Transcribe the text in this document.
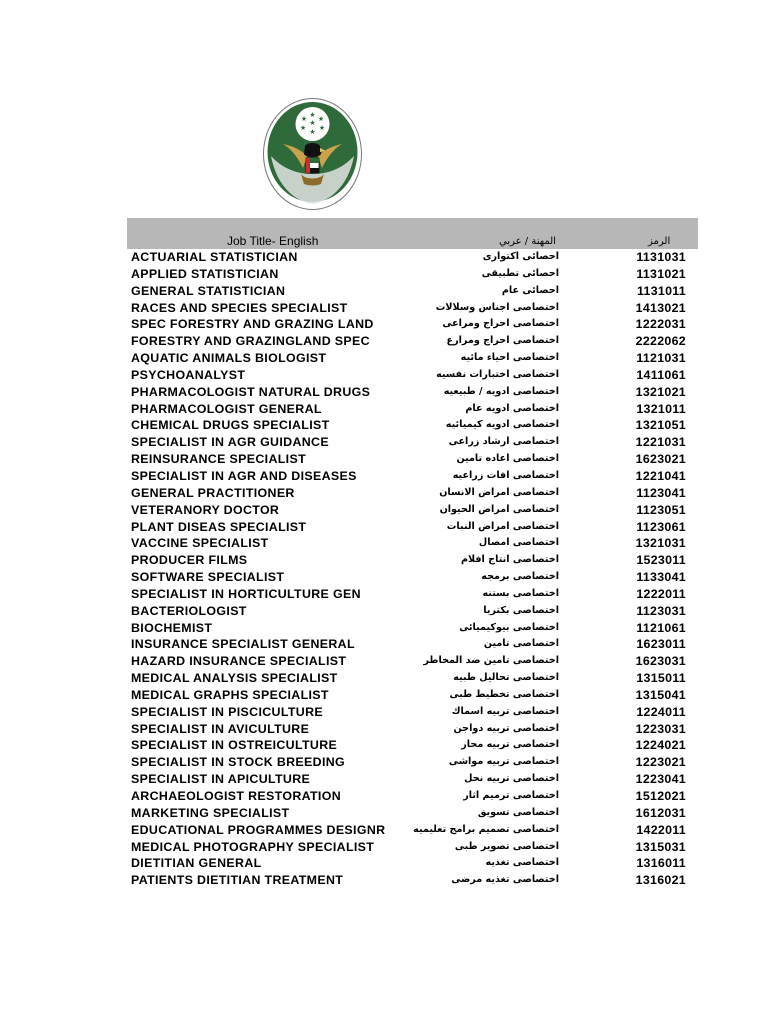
★
★ ★
★
★ ★
★
Job Title- English	المهنة / عربي	الرمز
ACTUARIAL STATISTICIAN	احصائى اكتوارى	1131031
APPLIED STATISTICIAN	احصائى تطبيقى	1131021
GENERAL STATISTICIAN	احصائى عام	1131011
RACES AND SPECIES SPECIALIST	اختصاصى اجناس وسلالات	1413021
SPEC FORESTRY AND GRAZING LAND	اختصاصى احراج ومراعى	1222031
FORESTRY AND GRAZINGLAND SPEC	اختصاصى احراج ومرارع	2222062
AQUATIC ANIMALS BIOLOGIST	اختصاصى احياء مائيه	1121031
PSYCHOANALYST	اختصاصى اختبارات نفسيه	1411061
PHARMACOLOGIST NATURAL DRUGS	اختصاصى ادويه / طبيعيه	1321021
PHARMACOLOGIST GENERAL	اختصاصى ادويه عام	1321011
CHEMICAL DRUGS SPECIALIST	اختصاصى ادويه كيميائيه	1321051
SPECIALIST IN AGR GUIDANCE	اختصاصى ارشاد زراعى	1221031
REINSURANCE SPECIALIST	اختصاصى اعاده تامين	1623021
SPECIALIST IN AGR AND DISEASES	اختصاصى افات زراعيه	1221041
GENERAL PRACTITIONER	اختصاصى امراض الانسان	1123041
VETERANORY DOCTOR	اختصاصى امراض الحيوان	1123051
PLANT DISEAS SPECIALIST	اختصاصى امراض النبات	1123061
VACCINE SPECIALIST	اختصاصى امصال	1321031
PRODUCER FILMS	اختصاصى انتاج افلام	1523011
SOFTWARE SPECIALIST	اختصاصى برمجه	1133041
SPECIALIST IN HORTICULTURE GEN	اختصاصى بستنه	1222011
BACTERIOLOGIST	اختصاصى بكتريا	1123031
BIOCHEMIST	اختصاصى بيوكيميائى	1121061
INSURANCE SPECIALIST GENERAL	اختصاصى تامين	1623011
HAZARD INSURANCE SPECIALIST	اختصاصى تامين ضد المخاطر	1623031
MEDICAL ANALYSIS SPECIALIST	اختصاصى تحاليل طبيه	1315011
MEDICAL GRAPHS SPECIALIST	اختصاصى تخطيط طبى	1315041
SPECIALIST IN PISCICULTURE	اختصاصى تربيه اسماك	1224011
SPECIALIST IN AVICULTURE	اختصاصى تربيه دواجن	1223031
SPECIALIST IN OSTREICULTURE	اختصاصى تربيه محار	1224021
SPECIALIST IN STOCK BREEDING	اختصاصى تربيه مواشى	1223021
SPECIALIST IN APICULTURE	اختصاصى تربيه نحل	1223041
ARCHAEOLOGIST RESTORATION	اختصاصى ترميم اثار	1512021
MARKETING SPECIALIST	اختصاصى تسويق	1612031
EDUCATIONAL PROGRAMMES DESIGNR	اختصاصى تصميم برامج تعليميه	1422011
MEDICAL PHOTOGRAPHY SPECIALIST	اختصاصى تصوير طبى	1315031
DIETITIAN GENERAL	اختصاصى تغذيه	1316011
PATIENTS DIETITIAN TREATMENT	اختصاصى تغذيه مرضى	1316021
